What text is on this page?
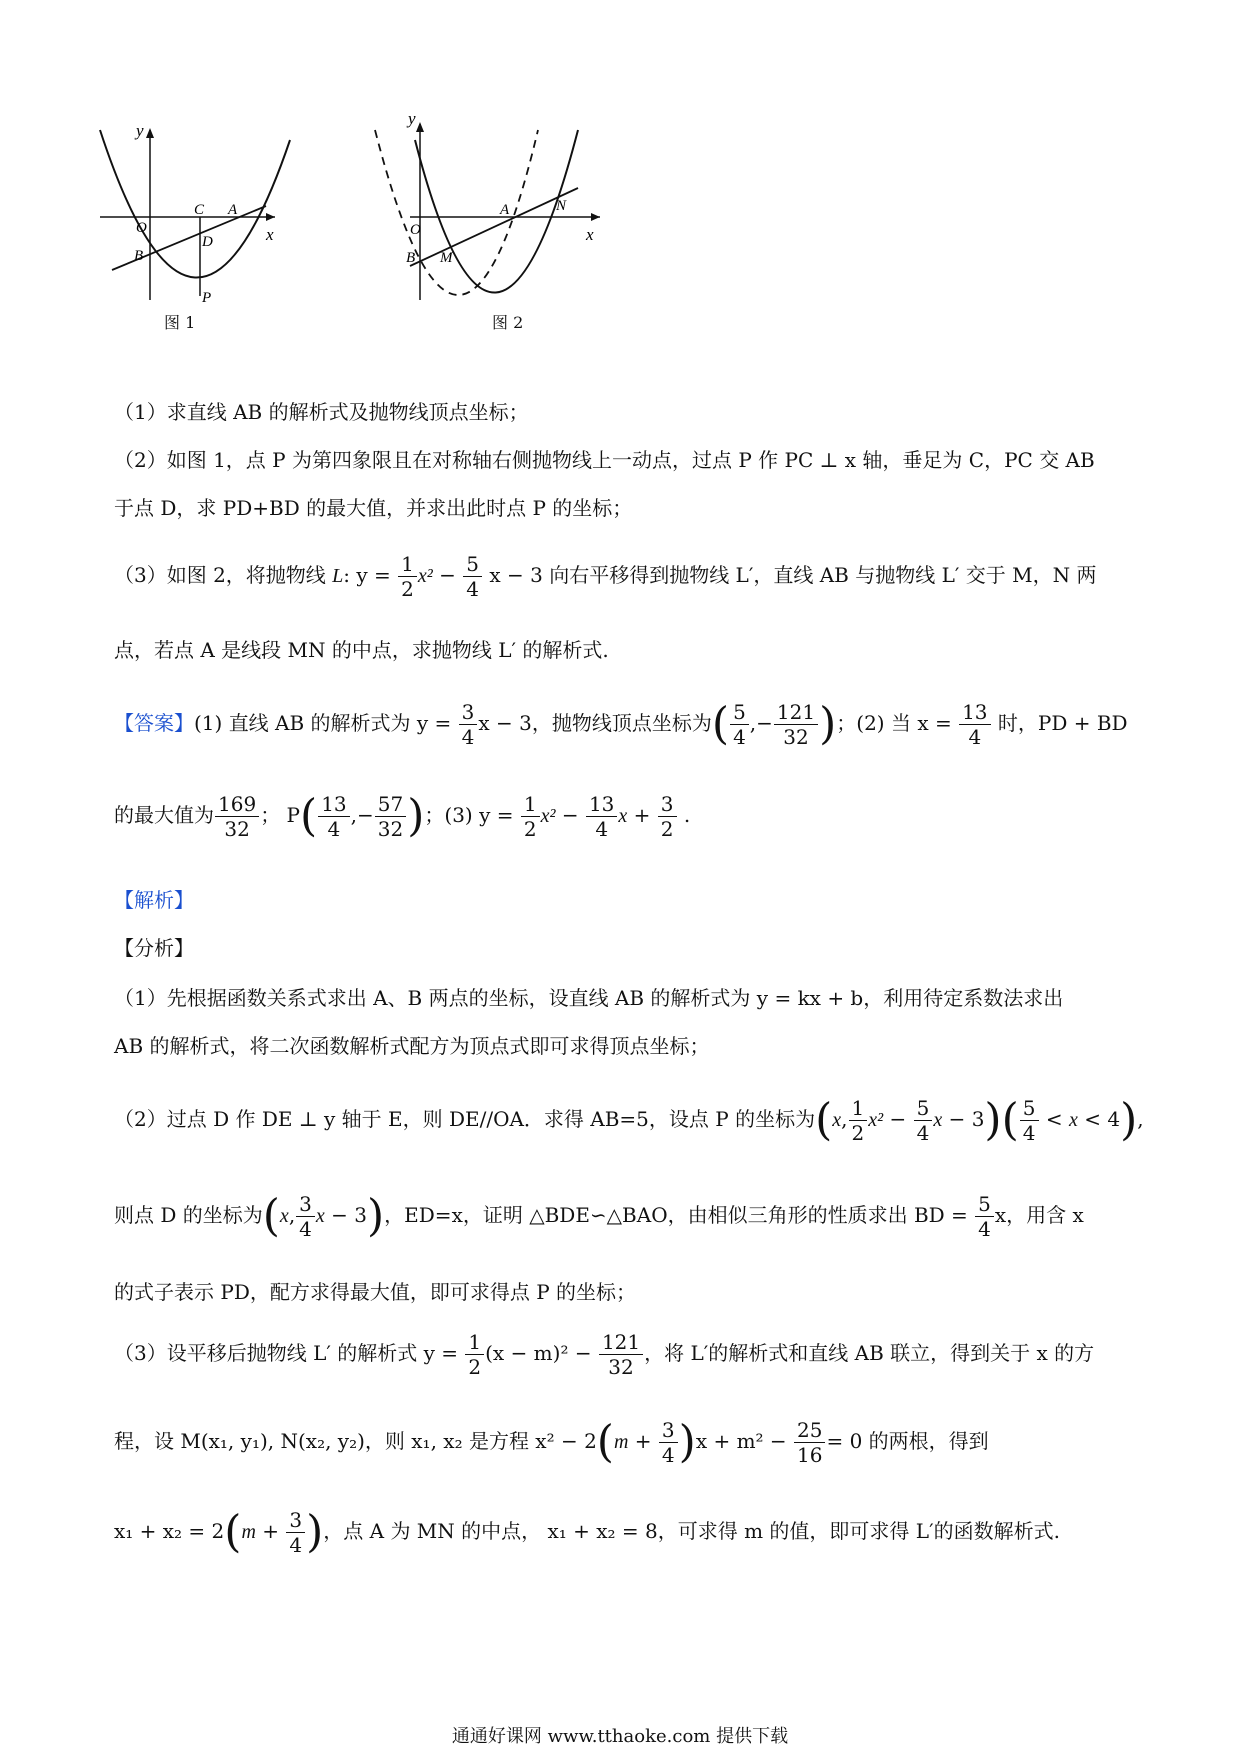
y
x
O
C A
B
D
P
图 1
y
x
O
A	N
B M
图 2
（1）求直线 AB 的解析式及抛物线顶点坐标；
（2）如图 1，点 P 为第四象限且在对称轴右侧抛物线上一动点，过点 P 作 PC ⊥ x 轴，垂足为 C，PC 交 AB
于点 D，求 PD+BD 的最大值，并求出此时点 P 的坐标；
（3）如图 2，将抛物线 L: $y = \frac{1}{2} x^2 - \frac{5}{4}$ x − 3 向右平移得到抛物线 L′，直线 AB 与抛物线 L′ 交于 M，N 两
点，若点 A 是线段 MN 的中点，求抛物线 L′ 的解析式.
【答案】(1) 直线 AB 的解析式为 $y = \frac{3}{4}$ x − 3，抛物线顶点坐标为( $\frac{5}{4}$ ,− $\frac{121}{32}$ )；(2) 当 $x = \frac{13}{4}$ 时，PD + BD
的最大值为 $\frac{169}{32}$ ； $P( \frac{13}{4}$ ,− $\frac{57}{32}$ )；(3) $y = \frac{1}{2} x^2 - \frac{13}{4}$ $x + \frac{3}{2}$ .
【解析】
【分析】
（1）先根据函数关系式求出 A、B 两点的坐标，设直线 AB 的解析式为 y = kx + b，利用待定系数法求出
AB 的解析式，将二次函数解析式配方为顶点式即可求得顶点坐标；
（2）过点 D 作 DE ⊥ y 轴于 E，则 DE//OA．求得 AB=5，设点 P 的坐标为(x, $\frac{1}{2} x^2 - \frac{5}{4}$ $x - 3)( \frac{5}{4} < x < 4)$,
则点 D 的坐标为(x, $\frac{3}{4}$ x − 3)，ED=x，证明 △BDE∽△BAO，由相似三角形的性质求出 BD = $\frac{5}{4}$ x，用含 x
的式子表示 PD，配方求得最大值，即可求得点 P 的坐标；
（3）设平移后抛物线 L′ 的解析式 $y = \frac{1}{2} (x - m)^2 - \frac{121}{32}$ ，将 L′的解析式和直线 AB 联立，得到关于 x 的方
程，设 M(x₁, y₁), N(x₂, y₂)，则 x₁, x₂ 是方程 $x^2 - 2(m + \frac{3}{4} )x + m^2 - \frac{25}{16} = 0$ 的两根，得到
$x_1 + x_2 = 2(m + \frac{3}{4}$ )，点 A 为 MN 的中点， x₁ + x₂ = 8，可求得 m 的值，即可求得 L′的函数解析式.
通通好课网 www.tthaoke.com 提供下载
